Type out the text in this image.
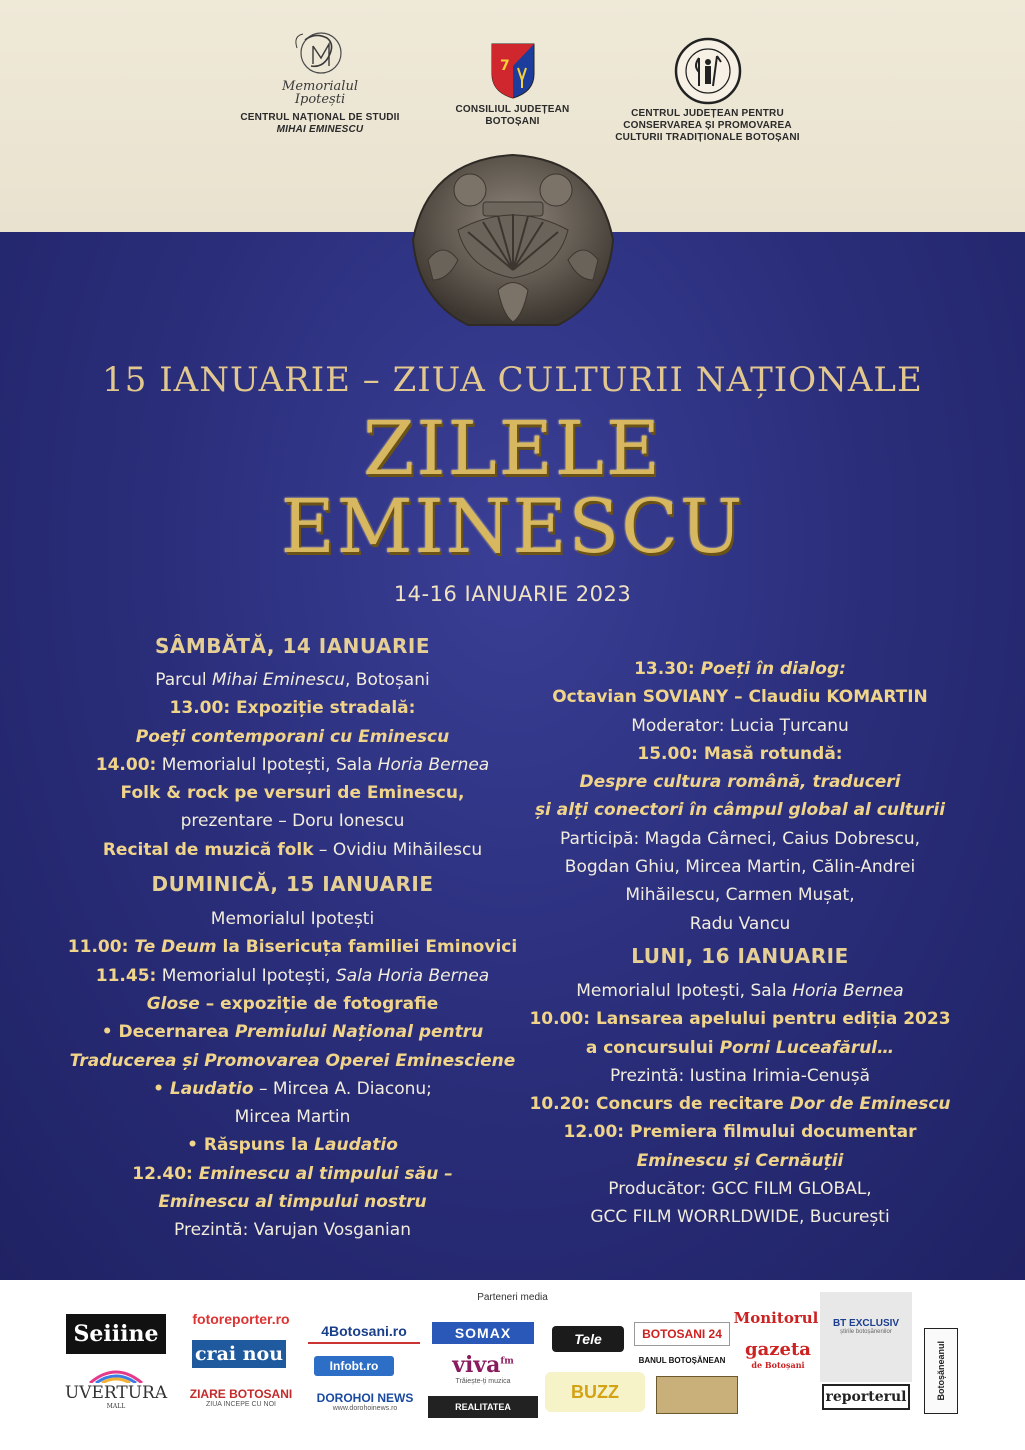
Memorialul Ipotești
CENTRUL NAȚIONAL DE STUDII
MIHAI EMINESCU
7
CONSILIUL JUDEȚEAN
BOTOȘANI
CENTRUL JUDEȚEAN PENTRU
CONSERVAREA ȘI PROMOVAREA
CULTURII TRADIȚIONALE BOTOȘANI
15 IANUARIE – ZIUA CULTURII NAȚIONALE
ZILELE
EMINESCU
14-16 IANUARIE 2023
SÂMBĂTĂ, 14 IANUARIE
Parcul Mihai Eminescu, Botoșani
13.00: Expoziție stradală:
Poeți contemporani cu Eminescu
14.00: Memorialul Ipotești, Sala Horia Bernea
Folk & rock pe versuri de Eminescu,
prezentare – Doru Ionescu
Recital de muzică folk – Ovidiu Mihăilescu
DUMINICĂ, 15 IANUARIE
Memorialul Ipotești
11.00: Te Deum la Bisericuța familiei Eminovici
11.45: Memorialul Ipotești, Sala Horia Bernea
Glose – expoziție de fotografie
• Decernarea Premiului Național pentru
Traducerea și Promovarea Operei Eminesciene
• Laudatio – Mircea A. Diaconu;
Mircea Martin
• Răspuns la Laudatio
12.40: Eminescu al timpului său –
Eminescu al timpului nostru
Prezintă: Varujan Vosganian
13.30: Poeți în dialog:
Octavian SOVIANY – Claudiu KOMARTIN
Moderator: Lucia Țurcanu
15.00: Masă rotundă:
Despre cultura română, traduceri
și alți conectori în câmpul global al culturii
Participă: Magda Cârneci, Caius Dobrescu,
Bogdan Ghiu, Mircea Martin, Călin-Andrei
Mihăilescu, Carmen Mușat,
Radu Vancu
LUNI, 16 IANUARIE
Memorialul Ipotești, Sala Horia Bernea
10.00: Lansarea apelului pentru ediția 2023
a concursului Porni Luceafărul…
Prezintă: Iustina Irimia-Cenușă
10.20: Concurs de recitare Dor de Eminescu
12.00: Premiera filmului documentar
Eminescu și Cernăuții
Producător: GCC FILM GLOBAL,
GCC FILM WORRLDWIDE, București
Parteneri media
Seiiine
UVERTURA
MALL
fotoreporter.ro
crai nou
ZIARE BOTOSANI
ZIUA INCEPE CU NOI
4Botosani.ro
Infobt.ro
DOROHOI NEWS
www.dorohoinews.ro
SOMAX
viva$^{fm}$
Trăiește-ți muzica
REALITATEA
Tele
BUZZ
BOTOSANI 24
BANUL BOTOȘĂNEAN
Monitorul
gazeta
de Botoșani
BT EXCLUSIV
știrile botoșănenilor
reporterul	Botoșăneanul
